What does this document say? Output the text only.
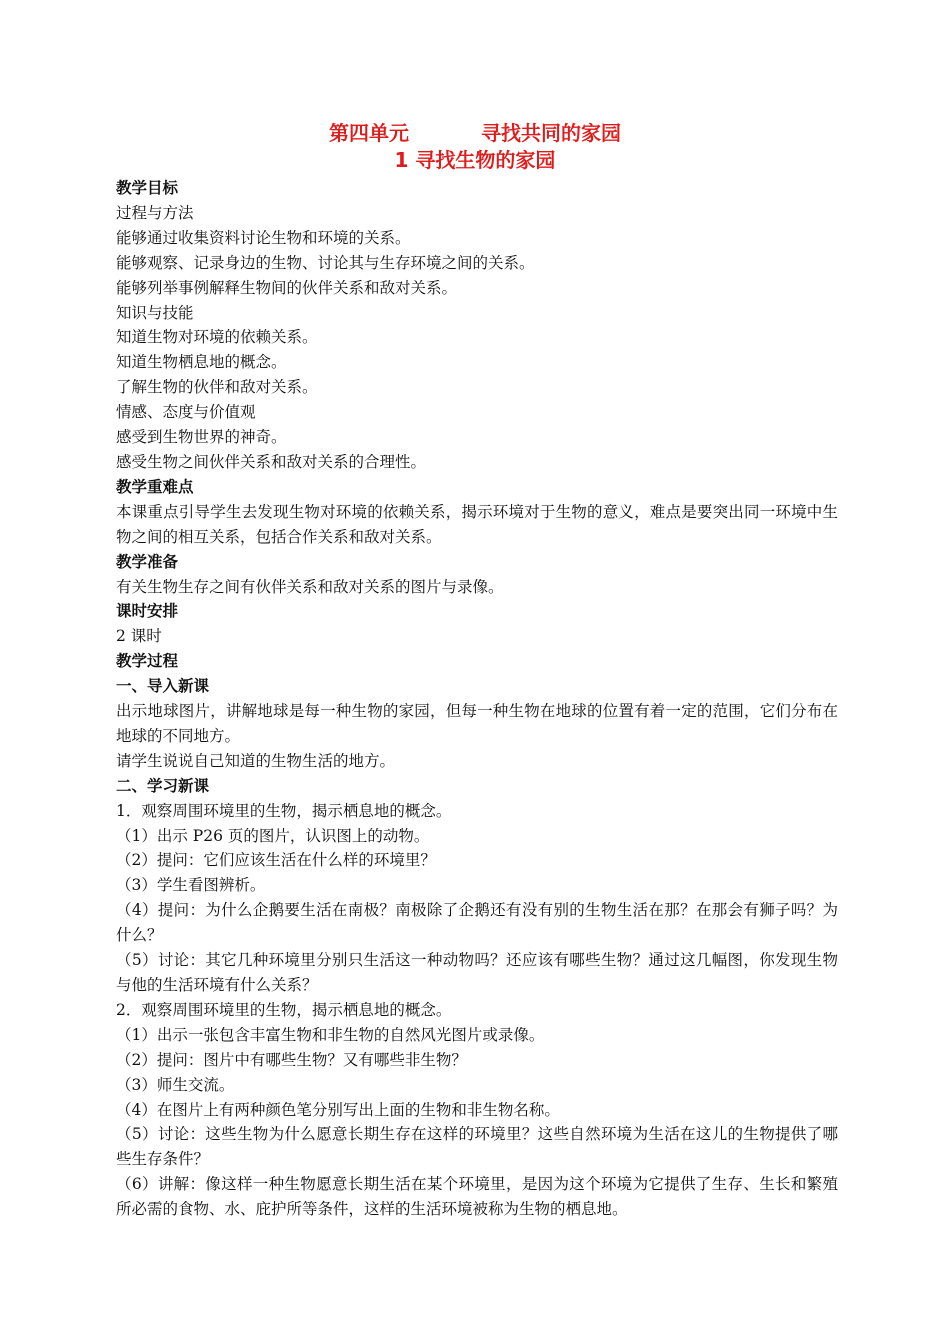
第四单元	寻找共同的家园

1 寻找生物的家园

教学目标

过程与方法

能够通过收集资料讨论生物和环境的关系。

能够观察、记录身边的生物、讨论其与生存环境之间的关系。

能够列举事例解释生物间的伙伴关系和敌对关系。

知识与技能

知道生物对环境的依赖关系。

知道生物栖息地的概念。

了解生物的伙伴和敌对关系。

情感、态度与价值观

感受到生物世界的神奇。

感受生物之间伙伴关系和敌对关系的合理性。

教学重难点

本课重点引导学生去发现生物对环境的依赖关系，揭示环境对于生物的意义，难点是要突出同一环境中生物之间的相互关系，包括合作关系和敌对关系。

教学准备

有关生物生存之间有伙伴关系和敌对关系的图片与录像。

课时安排

2 课时

教学过程

一、导入新课

出示地球图片，讲解地球是每一种生物的家园，但每一种生物在地球的位置有着一定的范围，它们分布在地球的不同地方。

请学生说说自己知道的生物生活的地方。

二、学习新课

1．观察周围环境里的生物，揭示栖息地的概念。

（1）出示 P26 页的图片，认识图上的动物。

（2）提问：它们应该生活在什么样的环境里？

（3）学生看图辨析。

（4）提问：为什么企鹅要生活在南极？南极除了企鹅还有没有别的生物生活在那？在那会有狮子吗？为什么？

（5）讨论：其它几种环境里分别只生活这一种动物吗？还应该有哪些生物？通过这几幅图，你发现生物与他的生活环境有什么关系？

2．观察周围环境里的生物，揭示栖息地的概念。

（1）出示一张包含丰富生物和非生物的自然风光图片或录像。

（2）提问：图片中有哪些生物？又有哪些非生物？

（3）师生交流。

（4）在图片上有两种颜色笔分别写出上面的生物和非生物名称。

（5）讨论：这些生物为什么愿意长期生存在这样的环境里？这些自然环境为生活在这儿的生物提供了哪些生存条件？

（6）讲解：像这样一种生物愿意长期生活在某个环境里，是因为这个环境为它提供了生存、生长和繁殖所必需的食物、水、庇护所等条件，这样的生活环境被称为生物的栖息地。
